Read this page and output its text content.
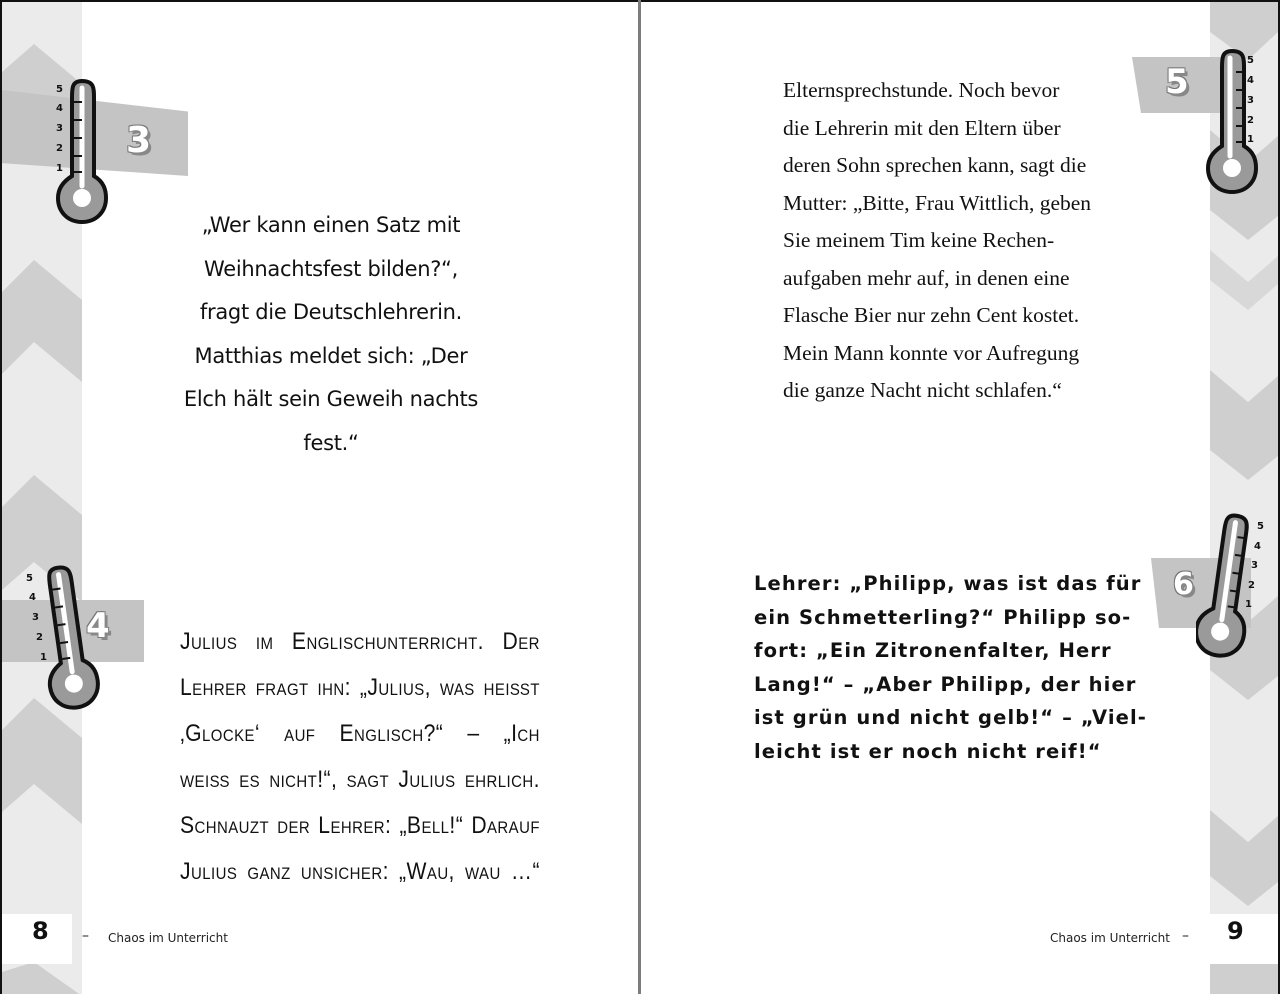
3
5
4
3
2
1
„Wer kann einen Satz mit
Weihnachtsfest bilden?“,
fragt die Deutschlehrerin.
Matthias meldet sich: „Der
Elch hält sein Geweih nachts
fest.“
4
5
4
3
2
1
Julius im Englischunterricht. Der
Lehrer fragt ihn: „Julius, was heißt
‚Glocke‘ auf Englisch?“ – „Ich
weiß es nicht!“, sagt Julius ehrlich.
Schnauzt der Lehrer: „Bell!“ Darauf
Julius ganz unsicher: „Wau, wau …“
8 – Chaos im Unterricht
5
5
4
3
2
1
Elternsprechstunde. Noch bevor
die Lehrerin mit den Eltern über
deren Sohn sprechen kann, sagt die
Mutter: „Bitte, Frau Wittlich, geben
Sie meinem Tim keine Rechen-
aufgaben mehr auf, in denen eine
Flasche Bier nur zehn Cent kostet.
Mein Mann konnte vor Aufregung
die ganze Nacht nicht schlafen.“
6
5
4
3
2
1
Lehrer: „Philipp, was ist das für
ein Schmetterling?“ Philipp so-
fort: „Ein Zitronenfalter, Herr
Lang!“ – „Aber Philipp, der hier
ist grün und nicht gelb!“ – „Viel-
leicht ist er noch nicht reif!“
Chaos im Unterricht – 9
